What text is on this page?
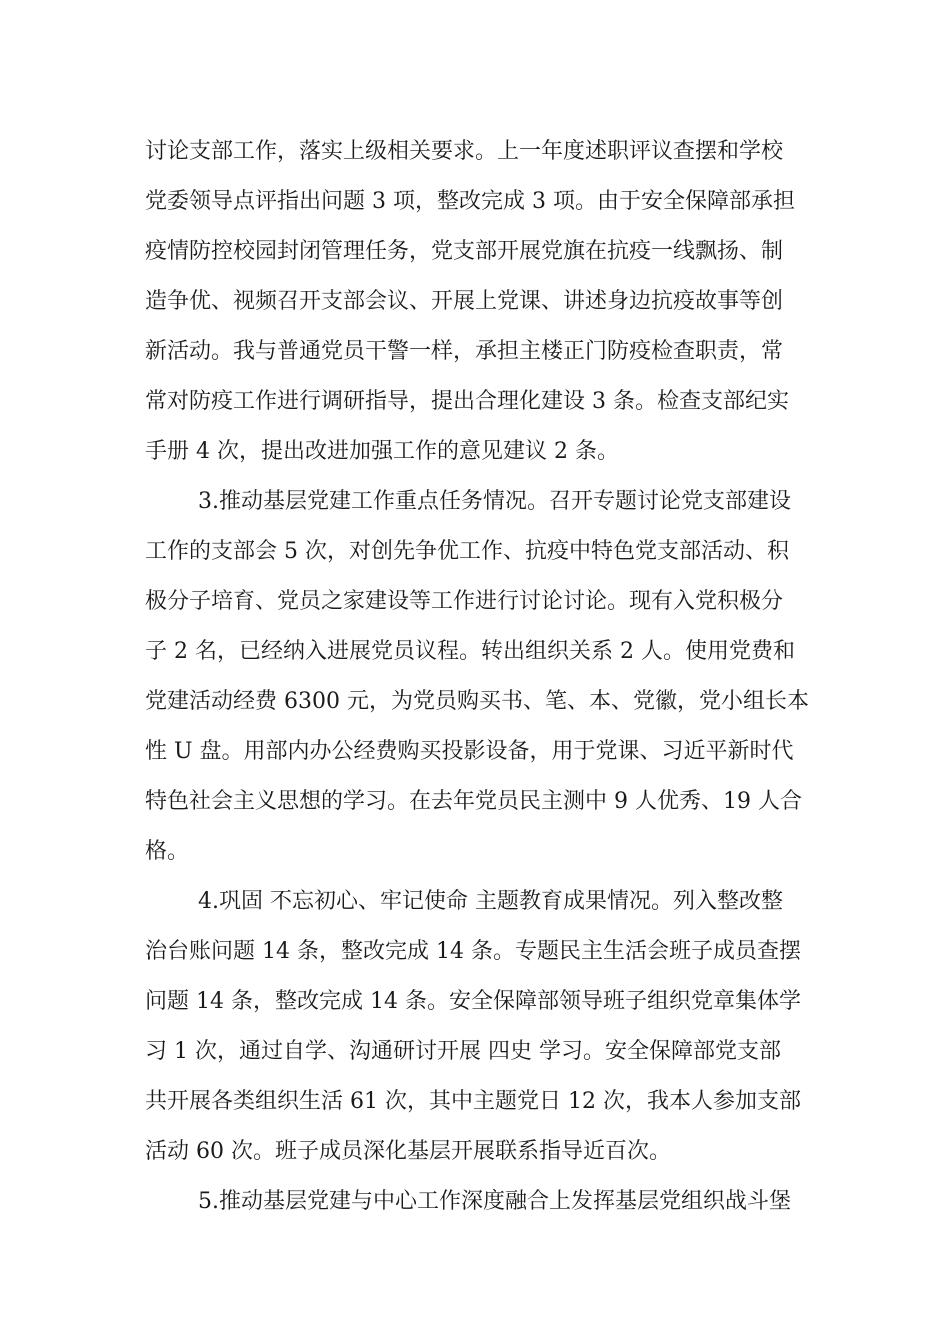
讨论支部工作，落实上级相关要求。上一年度述职评议查摆和学校
党委领导点评指出问题 3 项，整改完成 3 项。由于安全保障部承担
疫情防控校园封闭管理任务，党支部开展党旗在抗疫一线飘扬、制
造争优、视频召开支部会议、开展上党课、讲述身边抗疫故事等创
新活动。我与普通党员干警一样，承担主楼正门防疫检查职责，常
常对防疫工作进行调研指导，提出合理化建设 3 条。检查支部纪实
手册 4 次，提出改进加强工作的意见建议 2 条。
3.推动基层党建工作重点任务情况。召开专题讨论党支部建设
工作的支部会 5 次，对创先争优工作、抗疫中特色党支部活动、积
极分子培育、党员之家建设等工作进行讨论讨论。现有入党积极分
子 2 名，已经纳入进展党员议程。转出组织关系 2 人。使用党费和
党建活动经费 6300 元，为党员购买书、笔、本、党徽，党小组长本
性 U 盘。用部内办公经费购买投影设备，用于党课、习近平新时代
特色社会主义思想的学习。在去年党员民主测中 9 人优秀、19 人合
格。
4.巩固 不忘初心、牢记使命 主题教育成果情况。列入整改整
治台账问题 14 条，整改完成 14 条。专题民主生活会班子成员查摆
问题 14 条，整改完成 14 条。安全保障部领导班子组织党章集体学
习 1 次，通过自学、沟通研讨开展 四史 学习。安全保障部党支部
共开展各类组织生活 61 次，其中主题党日 12 次，我本人参加支部
活动 60 次。班子成员深化基层开展联系指导近百次。
5.推动基层党建与中心工作深度融合上发挥基层党组织战斗堡
